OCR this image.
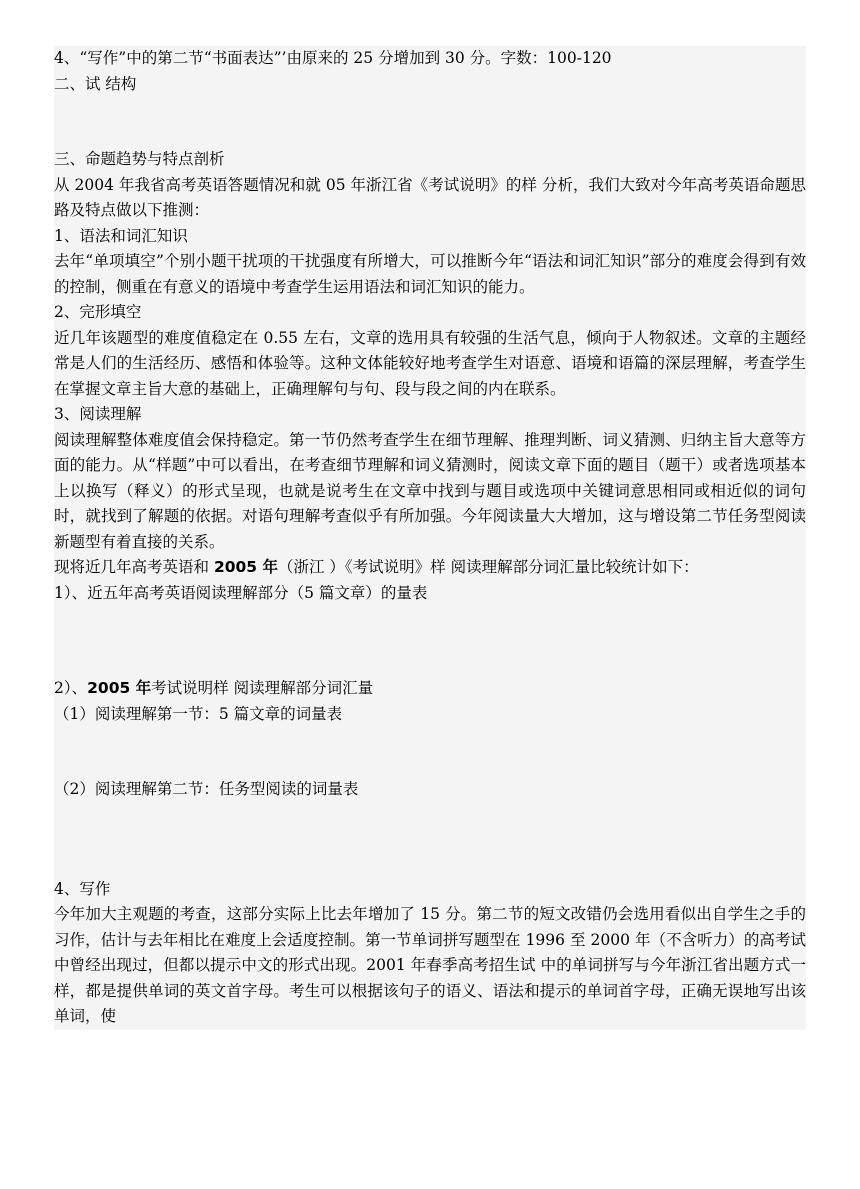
4、“写作”中的第二节“书面表达”’由原来的 25 分增加到 30 分。字数：100-120

二、试 结构

三、命题趋势与特点剖析

从 2004 年我省高考英语答题情况和就 05 年浙江省《考试说明》的样 分析，我们大致对今年高考英语命题思路及特点做以下推测：

1、语法和词汇知识

去年“单项填空”个别小题干扰项的干扰强度有所增大，可以推断今年“语法和词汇知识”部分的难度会得到有效的控制，侧重在有意义的语境中考查学生运用语法和词汇知识的能力。

2、完形填空

近几年该题型的难度值稳定在 0.55 左右，文章的选用具有较强的生活气息，倾向于人物叙述。文章的主题经常是人们的生活经历、感悟和体验等。这种文体能较好地考查学生对语意、语境和语篇的深层理解，考查学生在掌握文章主旨大意的基础上，正确理解句与句、段与段之间的内在联系。

3、阅读理解

阅读理解整体难度值会保持稳定。第一节仍然考查学生在细节理解、推理判断、词义猜测、归纳主旨大意等方面的能力。从“样题”中可以看出，在考查细节理解和词义猜测时，阅读文章下面的题目（题干）或者选项基本上以换写（释义）的形式呈现，也就是说考生在文章中找到与题目或选项中关键词意思相同或相近似的词句时，就找到了解题的依据。对语句理解考查似乎有所加强。今年阅读量大大增加，这与增设第二节任务型阅读新题型有着直接的关系。

现将近几年高考英语和 2005 年（浙江 ）《考试说明》样 阅读理解部分词汇量比较统计如下：

1）、近五年高考英语阅读理解部分（5 篇文章）的量表

2）、2005 年考试说明样 阅读理解部分词汇量

（1）阅读理解第一节：5 篇文章的词量表

（2）阅读理解第二节：任务型阅读的词量表

4、写作

今年加大主观题的考查，这部分实际上比去年增加了 15 分。第二节的短文改错仍会选用看似出自学生之手的习作，估计与去年相比在难度上会适度控制。第一节单词拼写题型在 1996 至 2000 年（不含听力）的高考试 中曾经出现过，但都以提示中文的形式出现。2001 年春季高考招生试 中的单词拼写与今年浙江省出题方式一样，都是提供单词的英文首字母。考生可以根据该句子的语义、语法和提示的单词首字母，正确无误地写出该单词，使
